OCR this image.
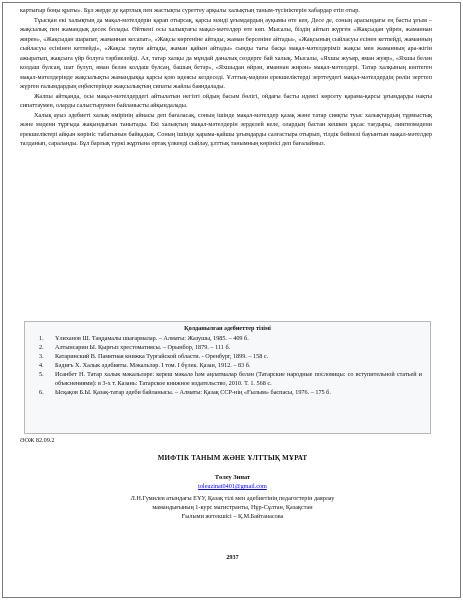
картығыр боңы қраты». Бұл жерде де қартлық пен жастықты суреттеу арқылы халықтың таным-түсініктерін хабардар етіп отыр.

Тұысқан екі халықтың да мақал-мәтелдерін қарап отырсақ, қарсы мәнді ұғымдардың ауқымы өте кең. Десе де, соның арасындағы ең басты ұғым – жақсылық пен жамандық десек болады. Өйткені осы халықтағы мақал-мәтелдер өте көп. Мысалы, біздің айтып жүрген «Жақсыдан үйрен, жаманнан жирен», «Жақсыдан шарапат, жаманнан кесапат», «Жақсы көргеніне айтады, жаман берсеніне айтады», «Жақсының сыйласуы есінен кетпейді, жаманның сыйласуы есінінен кетпейді», «Жақсы таупн айтады, жаман қайын айтады» сынды тағы басқа мақал-мәтелдеріміз жақсы мен жаманның ара-жігін ажыратып, жақсыға үйр болуға тәрбиелейді. Ал, татар халқы да мұндай даналық сөздерге бай халық. Мысалы, «Яхшы жуъяр, яман жуяр», «Яхшы белән колдаш булсаң, шат булуп, яман белән колдаш булсаң, башың бетәр», «Яхшыдан өйрән, яманнан жирән» мақал-мәтелдері. Татар халқының көптеген мақал-мәтелдерінде жақсылықты жамандыққа қарсы қою идеясы кездеседі. Ұлттық-мәдени ерекшеліктерді зерттеудегі мақал-мәтелдердің рөлін зерттеп жүрген ғалымдардың еңбектерінде жақсылықтың сипаты жайлы баяндалады.

Жалпы айтқанда, осы мақал-мәтелдердегі айтылатын негізгі ойдың басым бөлігі, ойдағы басты идеясі көрсету қарама-қарсы ұғымдарды нақты сипаттаумен, оларды салыстырумен байланысты айқындалады.

Халық ауыз әдебиеті халық өмірінің айнасы деп бағаласақ, соның ішінде мақал-мәтелдер қазақ және татар сияқты туыс халықтардың тұрмыстық және мәдени тұрғыда жақындығын танытады. Екі халықтың мақал-мәтелдерін зерделей келе, олардың бастан кешкен ұқсас тағдыры, лингвомәдени ерекшеліктері айқын көрініс табатынын байқадық. Соның ішінде қарама-қайшы ұғымдарды салғастыра отырып, тілдік бейнелі бауынтын мақал-мәтелдер талданып, сараланды. Бұл барлық түркі жұртына ортақ үлкендi сыйлау, ұлттық танымның көрінісі деп бағалаймыз.

Қолданылған әдебиеттер тізімі
1.	Ұлиханов Ш. Таңдамалы шығармалар. – Алматы: Жазушы, 1985. – 409 б.
2.	Алтынсарин Ы. Қырғыз хрестоматиясы. – Орынбор, 1879. – 111 б.
3.	Катаринский В. Памятная книжка Тургайской области. - Оренбург, 1899. – 158 с.
4.	Бәдиғъ Х. Халык әдәбияты. Мәкальләр. I том. I бүлек. Қазан, 1912. – 83 б.
5.	Исанбет Н. Татар халык мәкальләре: кереш мәкалә һәм аңлатмалар белән (Татарские народные пословицы: со вступительной статьей и объяснениями): в 3-х т. Казань: Татарское книжное издательство, 2010. Т. 1. 568 с.
6.	Ысқақов Б.Ы. Қазақ-татар әдеби байланысы. – Алматы: Қазақ ССР-нің «Ғылым» баспасы, 1976. – 175 б.
ӘОЖ 82.09.2
МИФТІК ТАНЫМ ЖӘНЕ ҰЛТТЫҚ МҰРАТ
Төлеу Зинат
toleuzinat0401@gmail.com
Л.Н.Гумилев атындағы ЕҰУ, Қазақ тілі мен әдебиетінің педагогтерін даярлау
мамандығының 1-курс магистранты, Нұр-Сұлтан, Қазақстан
Ғылыми жетекшісі – Қ.М.Байтанасова
2937
